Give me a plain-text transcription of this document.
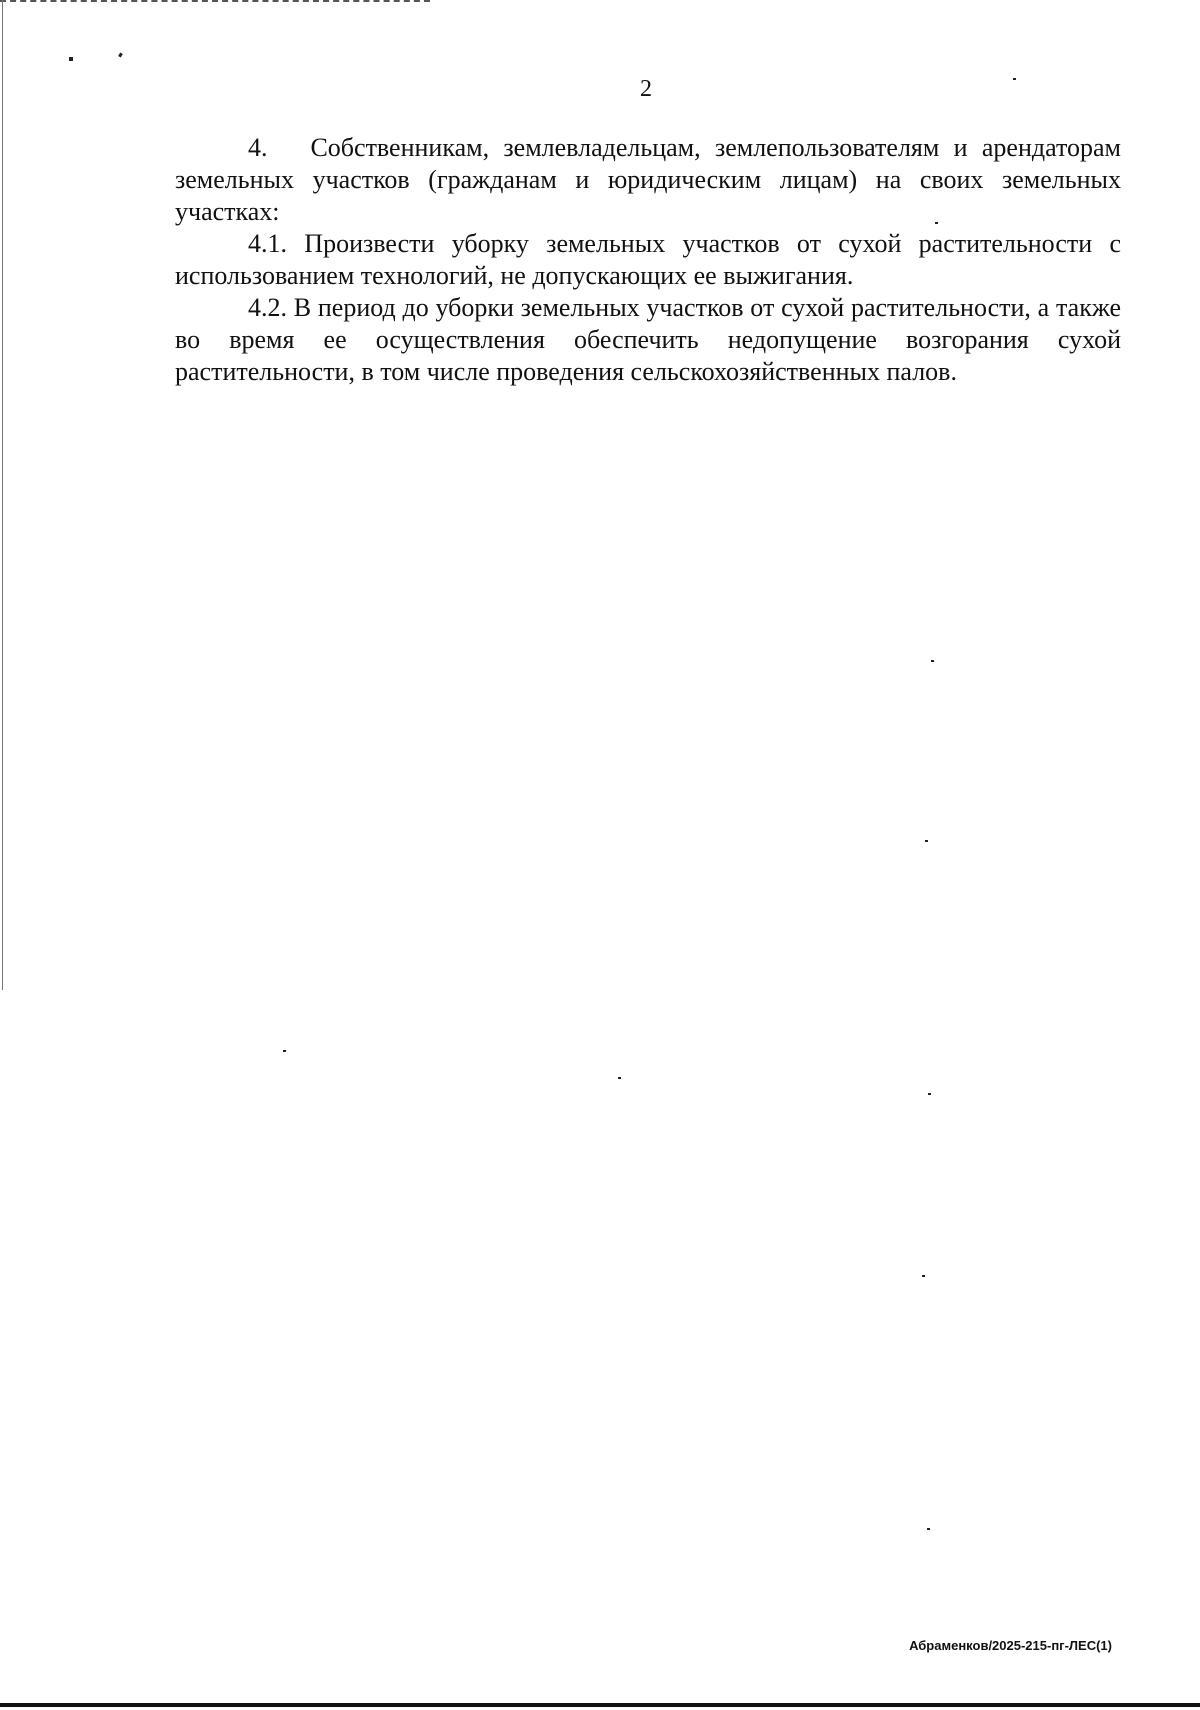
2

4.   Собственникам, землевладельцам, землепользователям и арендаторам земельных участков (гражданам и юридическим лицам) на своих земельных участках:

4.1. Произвести уборку земельных участков от сухой растительности с использованием технологий, не допускающих ее выжигания.

4.2. В период до уборки земельных участков от сухой растительности, а также во время ее осуществления обеспечить недопущение возгорания сухой растительности, в том числе проведения сельскохозяйственных палов.

Абраменков/2025-215-пг-ЛЕС(1)
